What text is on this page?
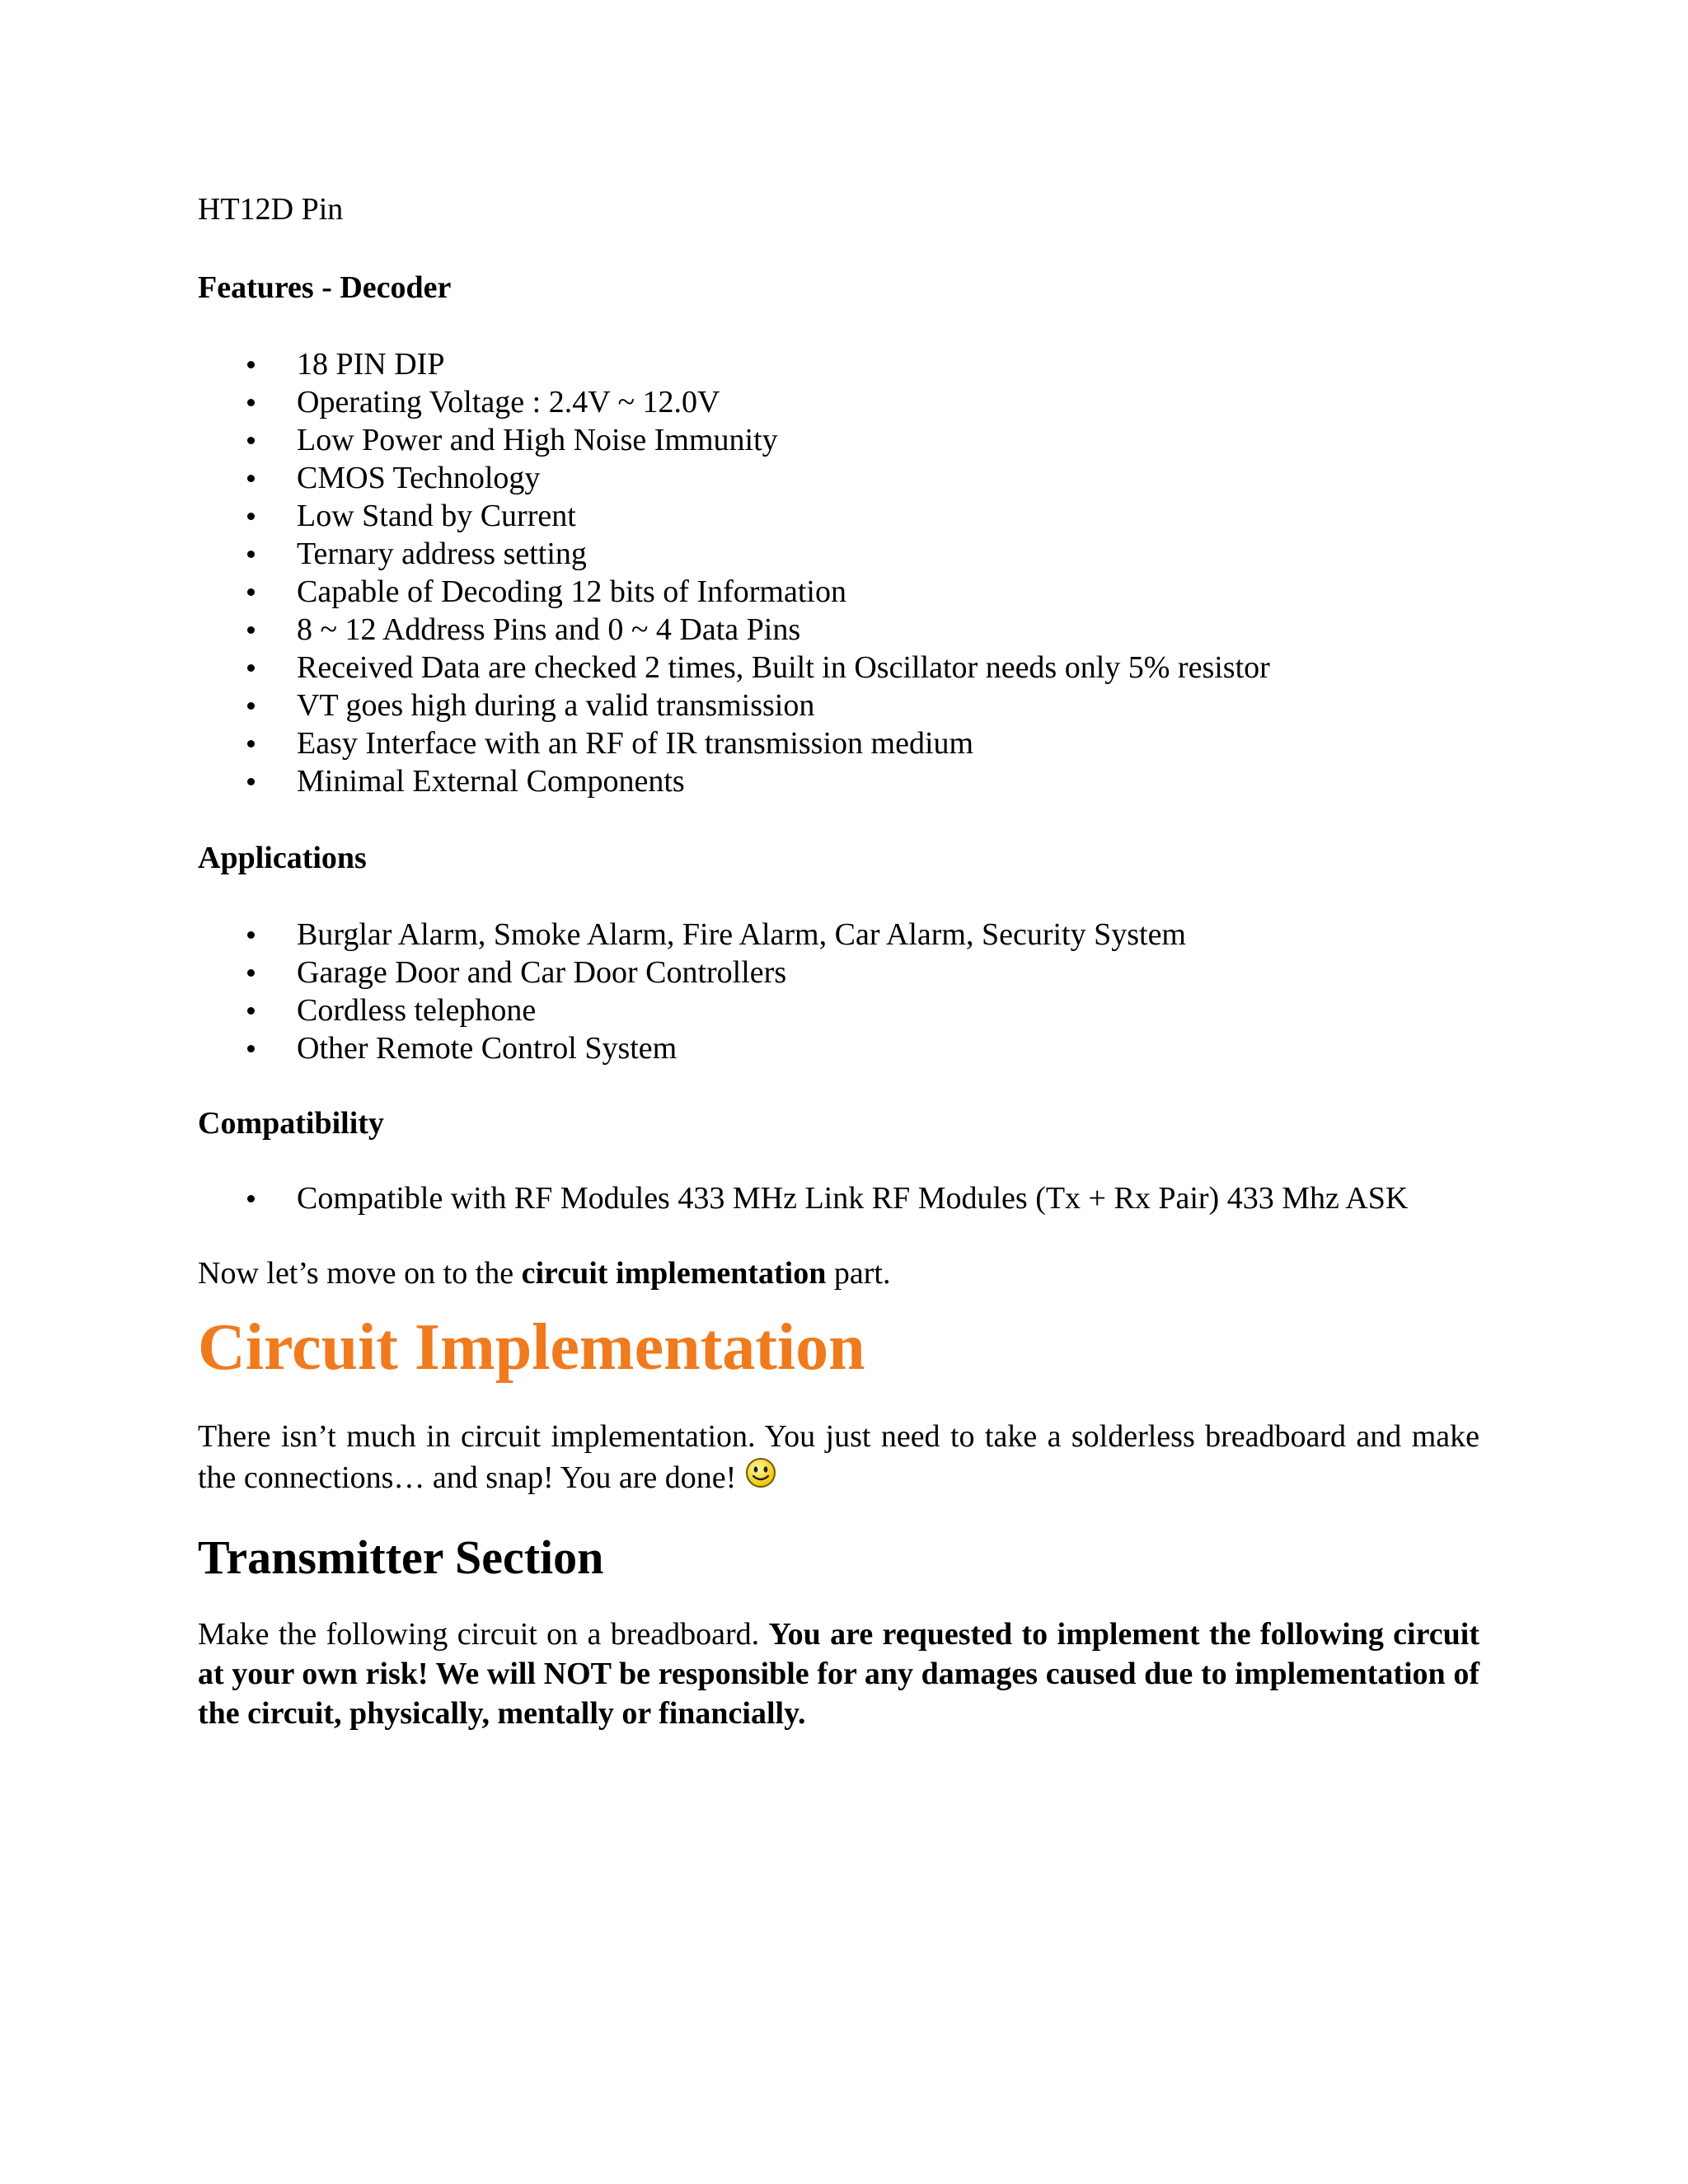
HT12D Pin

Features - Decoder

18 PIN DIP
Operating Voltage : 2.4V ~ 12.0V
Low Power and High Noise Immunity
CMOS Technology
Low Stand by Current
Ternary address setting
Capable of Decoding 12 bits of Information
8 ~ 12 Address Pins and 0 ~ 4 Data Pins
Received Data are checked 2 times, Built in Oscillator needs only 5% resistor
VT goes high during a valid transmission
Easy Interface with an RF of IR transmission medium
Minimal External Components

Applications

Burglar Alarm, Smoke Alarm, Fire Alarm, Car Alarm, Security System
Garage Door and Car Door Controllers
Cordless telephone
Other Remote Control System

Compatibility

Compatible with RF Modules 433 MHz Link RF Modules (Tx + Rx Pair) 433 Mhz ASK

Now let’s move on to the circuit implementation part.

Circuit Implementation

There isn’t much in circuit implementation. You just need to take a solderless breadboard and make the connections… and snap! You are done!

Transmitter Section

Make the following circuit on a breadboard. You are requested to implement the following circuit at your own risk! We will NOT be responsible for any damages caused due to implementation of the circuit, physically, mentally or financially.
